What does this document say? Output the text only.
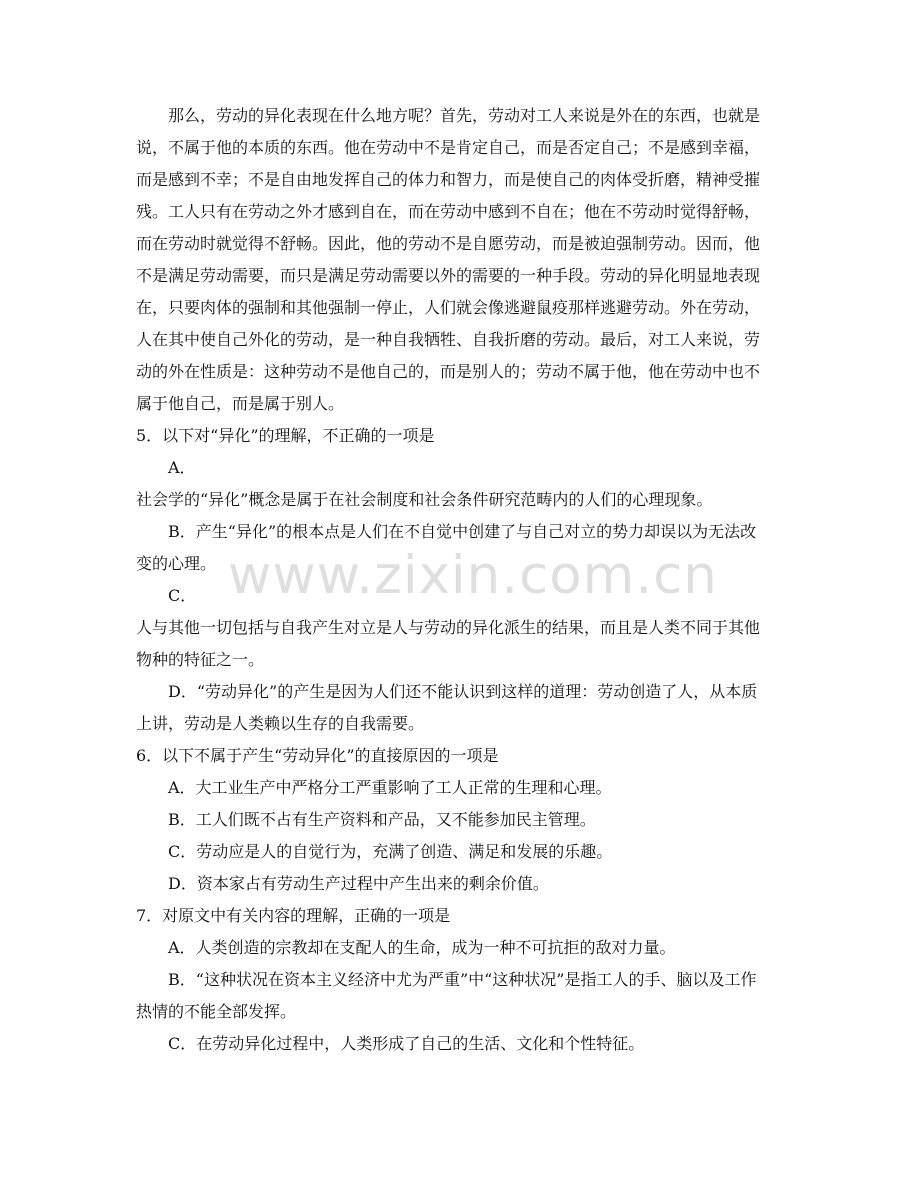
www.zixin.com.cn
　　那么，劳动的异化表现在什么地方呢？首先，劳动对工人来说是外在的东西，也就是
说，不属于他的本质的东西。他在劳动中不是肯定自己，而是否定自己；不是感到幸福，
而是感到不幸；不是自由地发挥自己的体力和智力，而是使自己的肉体受折磨，精神受摧
残。工人只有在劳动之外才感到自在，而在劳动中感到不自在；他在不劳动时觉得舒畅，
而在劳动时就觉得不舒畅。因此，他的劳动不是自愿劳动，而是被迫强制劳动。因而，他
不是满足劳动需要，而只是满足劳动需要以外的需要的一种手段。劳动的异化明显地表现
在，只要肉体的强制和其他强制一停止，人们就会像逃避鼠疫那样逃避劳动。外在劳动，
人在其中使自己外化的劳动，是一种自我牺牲、自我折磨的劳动。最后，对工人来说，劳
动的外在性质是：这种劳动不是他自己的，而是别人的；劳动不属于他，他在劳动中也不
属于他自己，而是属于别人。
5．以下对“异化”的理解，不正确的一项是
　　A．
社会学的“异化”概念是属于在社会制度和社会条件研究范畴内的人们的心理现象。
　　B．产生“异化”的根本点是人们在不自觉中创建了与自己对立的势力却误以为无法改
变的心理。
　　C．
人与其他一切包括与自我产生对立是人与劳动的异化派生的结果，而且是人类不同于其他
物种的特征之一。
　　D．“劳动异化”的产生是因为人们还不能认识到这样的道理：劳动创造了人，从本质
上讲，劳动是人类赖以生存的自我需要。
6．以下不属于产生“劳动异化”的直接原因的一项是
　　A．大工业生产中严格分工严重影响了工人正常的生理和心理。
　　B．工人们既不占有生产资料和产品，又不能参加民主管理。
　　C．劳动应是人的自觉行为，充满了创造、满足和发展的乐趣。
　　D．资本家占有劳动生产过程中产生出来的剩余价值。
7．对原文中有关内容的理解，正确的一项是
　　A．人类创造的宗教却在支配人的生命，成为一种不可抗拒的敌对力量。
　　B．“这种状况在资本主义经济中尤为严重”中“这种状况”是指工人的手、脑以及工作
热情的不能全部发挥。
　　C．在劳动异化过程中，人类形成了自己的生活、文化和个性特征。
